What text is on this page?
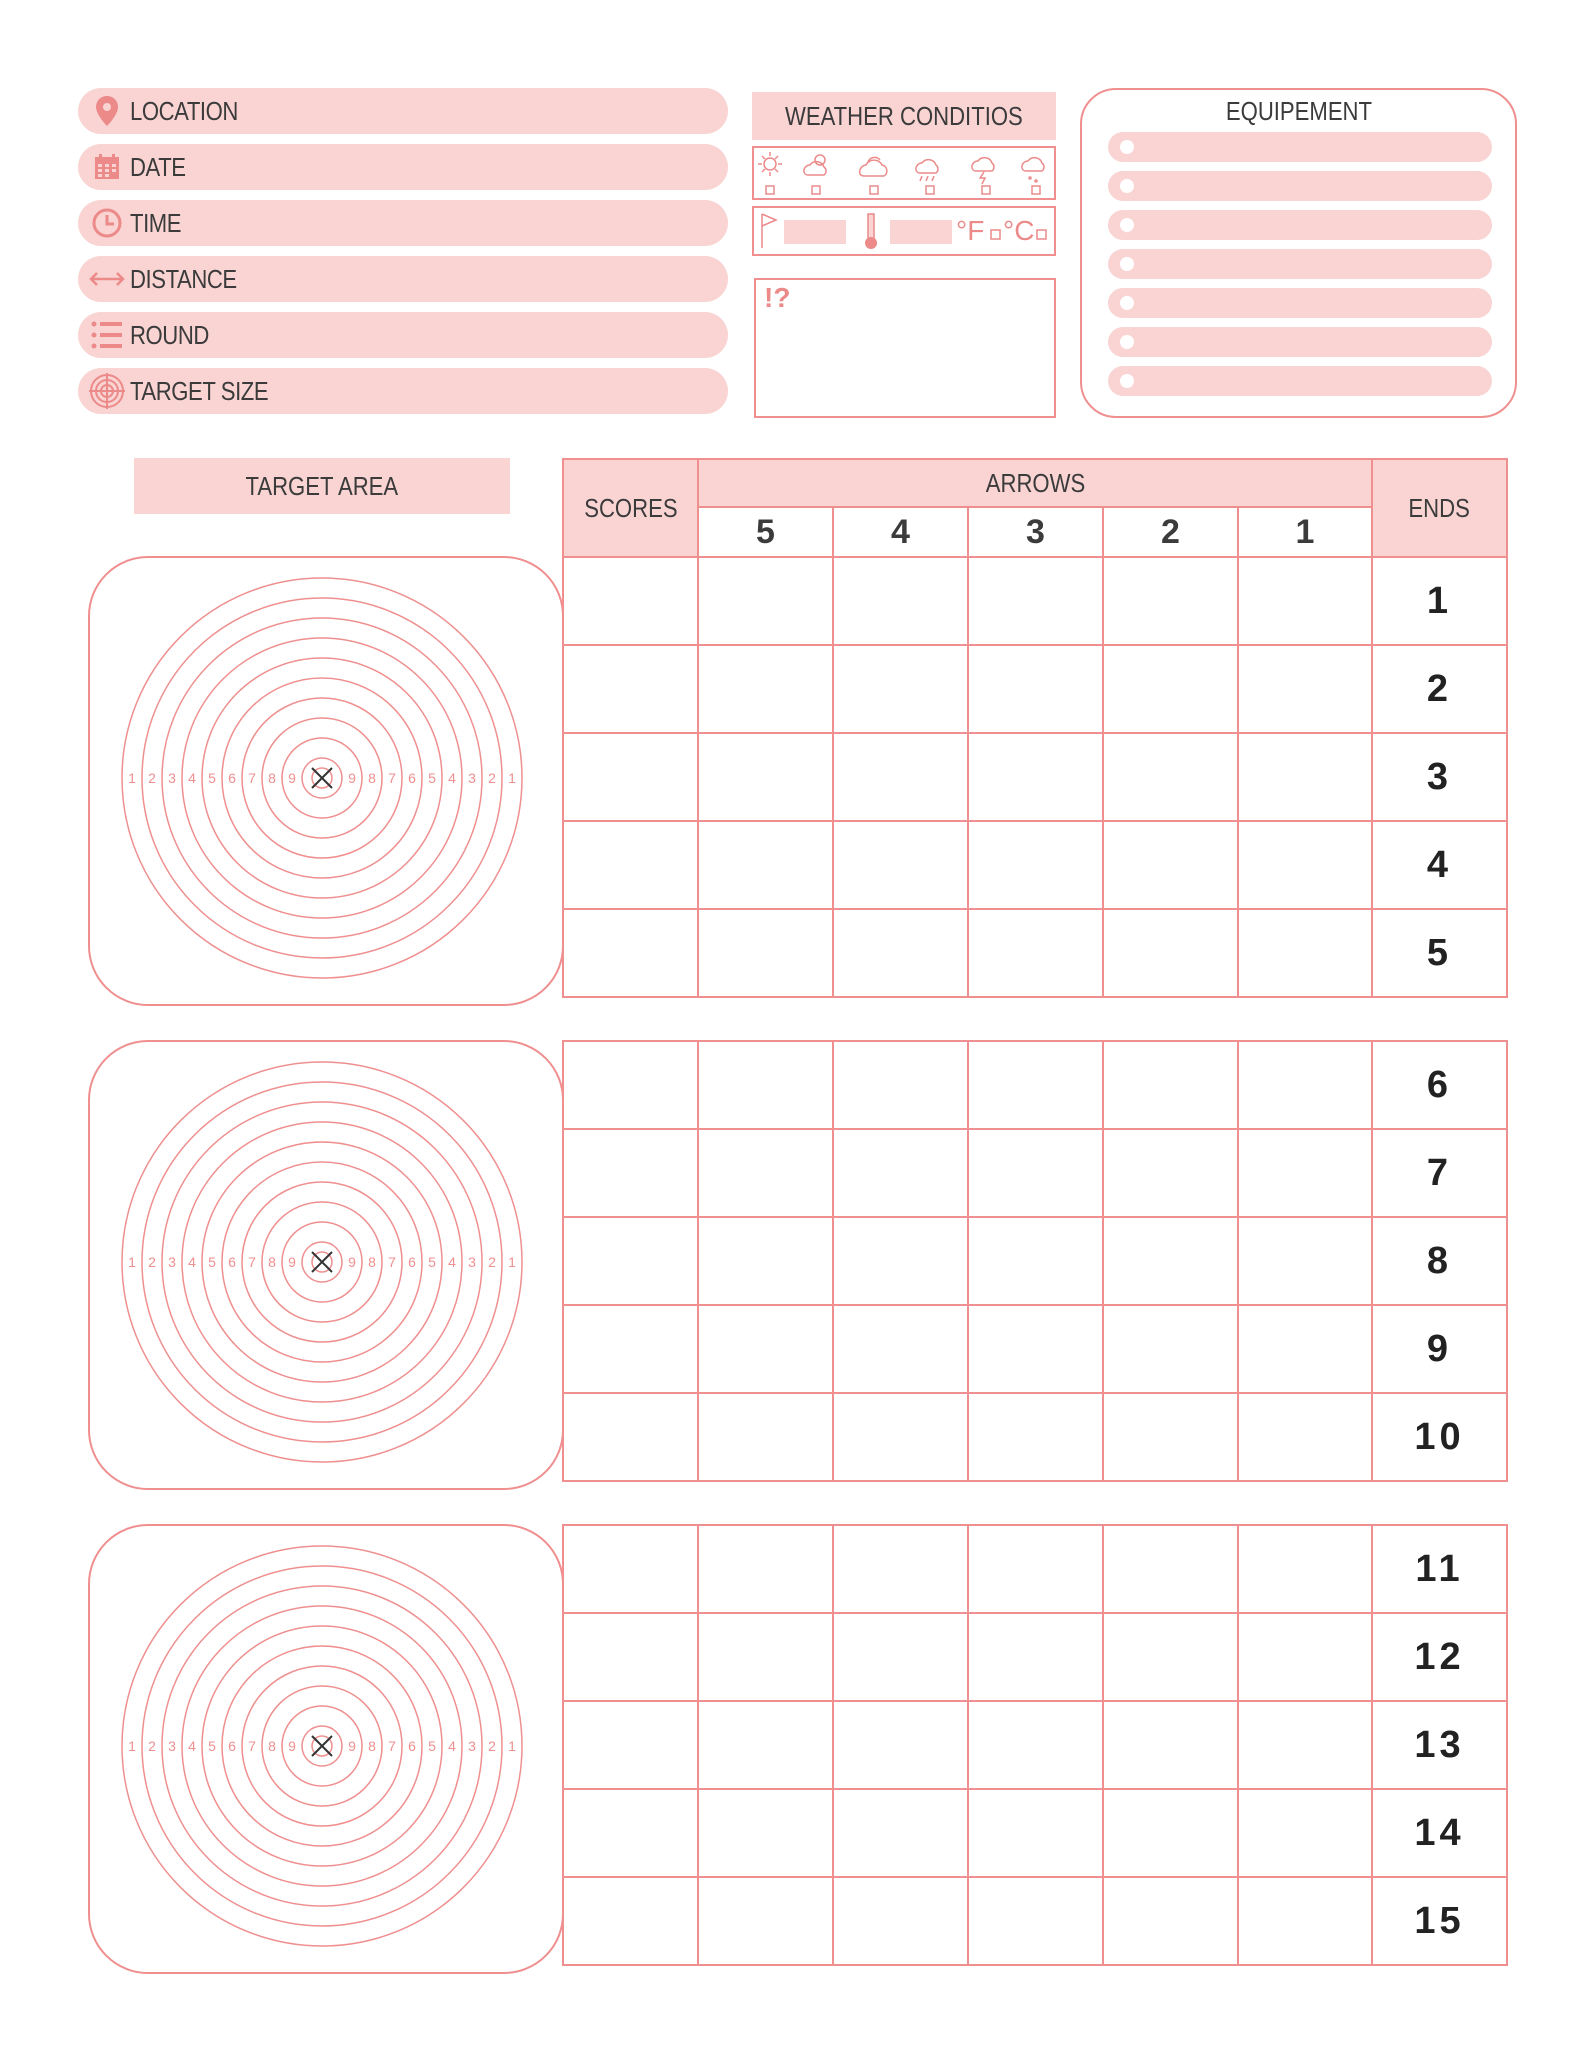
LOCATION
DATE
TIME
DISTANCE
ROUND
TARGET SIZE
WEATHER CONDITIOS
°F °C
!?
EQUIPEMENT
TARGET AREA
1 2 3 4 5 6 7 8 9	9 8 7 6 5 4 3 2 1
1 2 3 4 5 6 7 8 9	9 8 7 6 5 4 3 2 1
1 2 3 4 5 6 7 8 9	9 8 7 6 5 4 3 2 1
SCORES
ARROWS
ENDS
5	4	3	2	1
1
2
3
4
5
6
7
8
9
10
11
12
13
14
15
